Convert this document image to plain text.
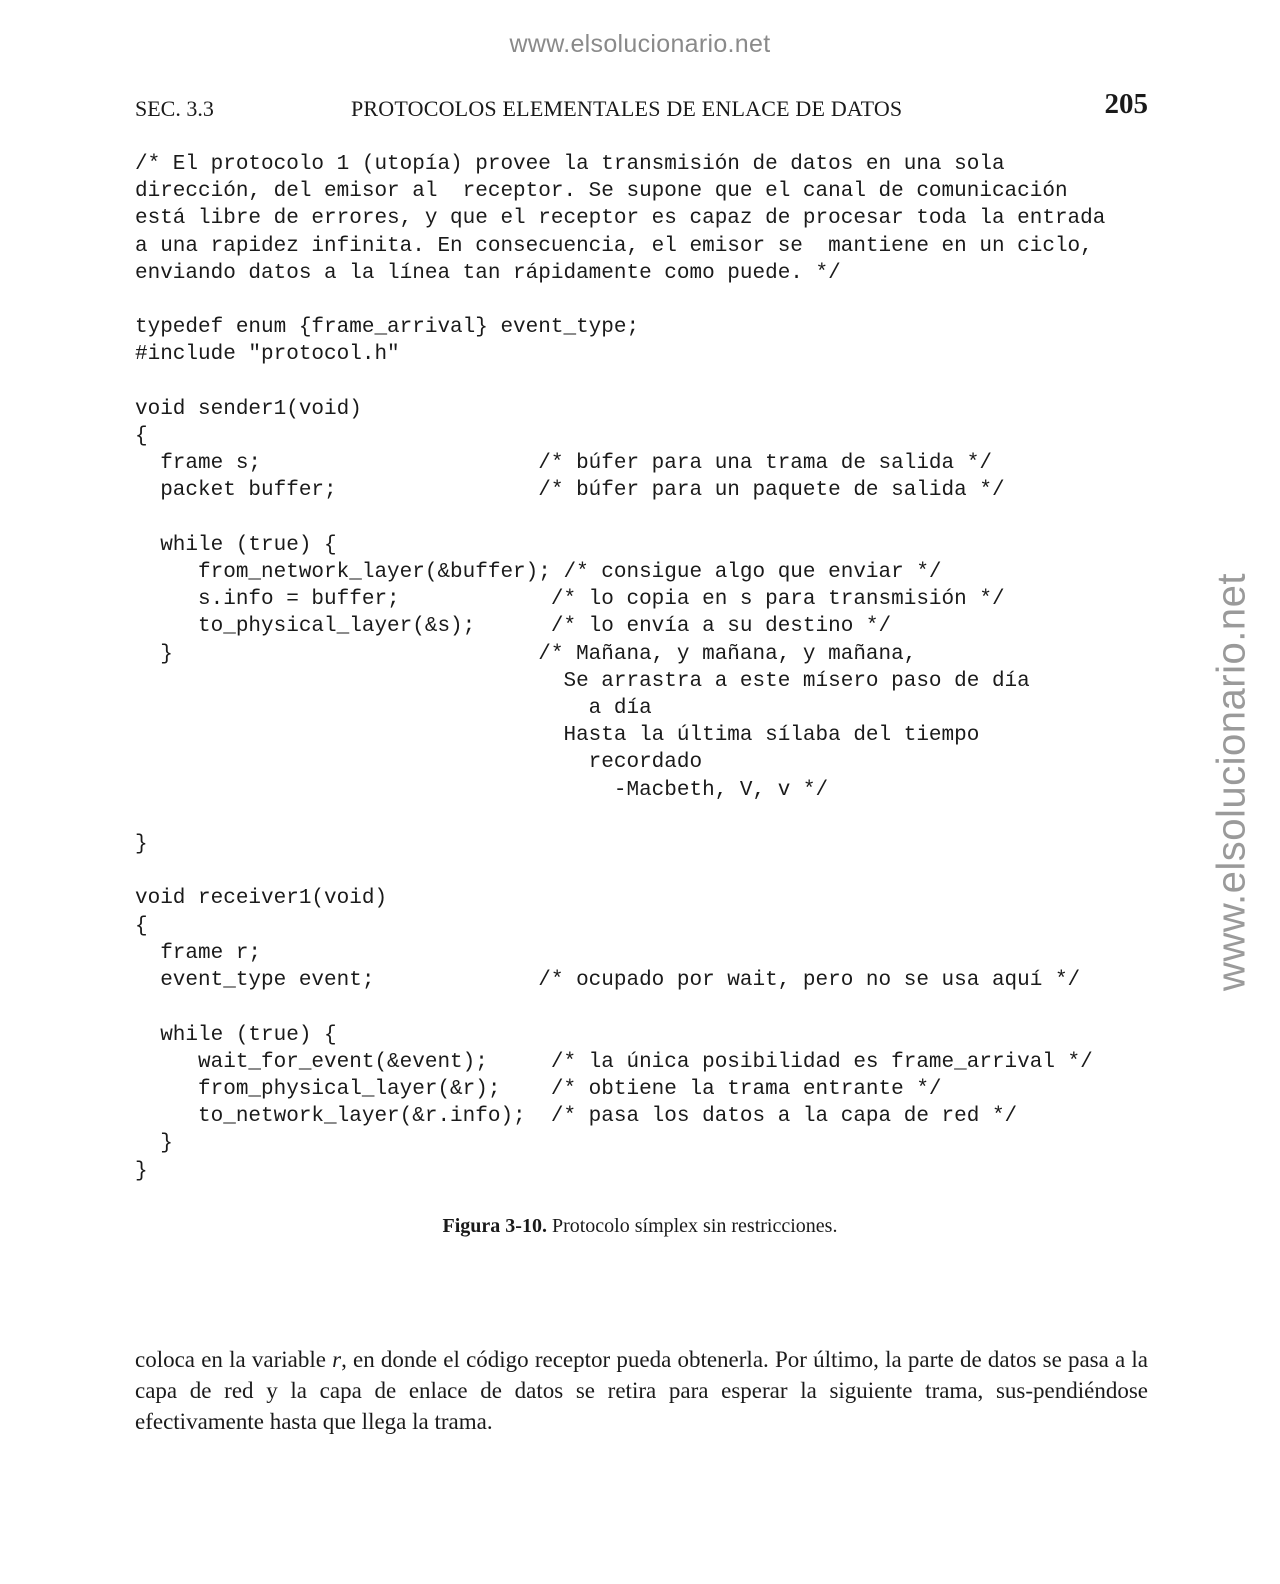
www.elsolucionario.net
www.elsolucionario.net
SEC. 3.3	PROTOCOLOS ELEMENTALES DE ENLACE DE DATOS	205
/* El protocolo 1 (utopía) provee la transmisión de datos en una sola
dirección, del emisor al  receptor. Se supone que el canal de comunicación
está libre de errores, y que el receptor es capaz de procesar toda la entrada
a una rapidez infinita. En consecuencia, el emisor se  mantiene en un ciclo,
enviando datos a la línea tan rápidamente como puede. */

typedef enum {frame_arrival} event_type;
#include "protocol.h"

void sender1(void)
{
frame s;                      /* búfer para una trama de salida */
packet buffer;                /* búfer para un paquete de salida */

while (true) {
from_network_layer(&buffer); /* consigue algo que enviar */
s.info = buffer;            /* lo copia en s para transmisión */
to_physical_layer(&s);      /* lo envía a su destino */
}                             /* Mañana, y mañana, y mañana,
Se arrastra a este mísero paso de día
a día
Hasta la última sílaba del tiempo
recordado
-Macbeth, V, v */

}

void receiver1(void)
{
frame r;
event_type event;             /* ocupado por wait, pero no se usa aquí */

while (true) {
wait_for_event(&event);     /* la única posibilidad es frame_arrival */
from_physical_layer(&r);    /* obtiene la trama entrante */
to_network_layer(&r.info);  /* pasa los datos a la capa de red */
}
}
Figura 3-10. Protocolo símplex sin restricciones.

coloca en la variable r, en donde el código receptor pueda obtenerla. Por último, la parte de datos se pasa a la capa de red y la capa de enlace de datos se retira para esperar la siguiente trama, sus-pendiéndose efectivamente hasta que llega la trama.
